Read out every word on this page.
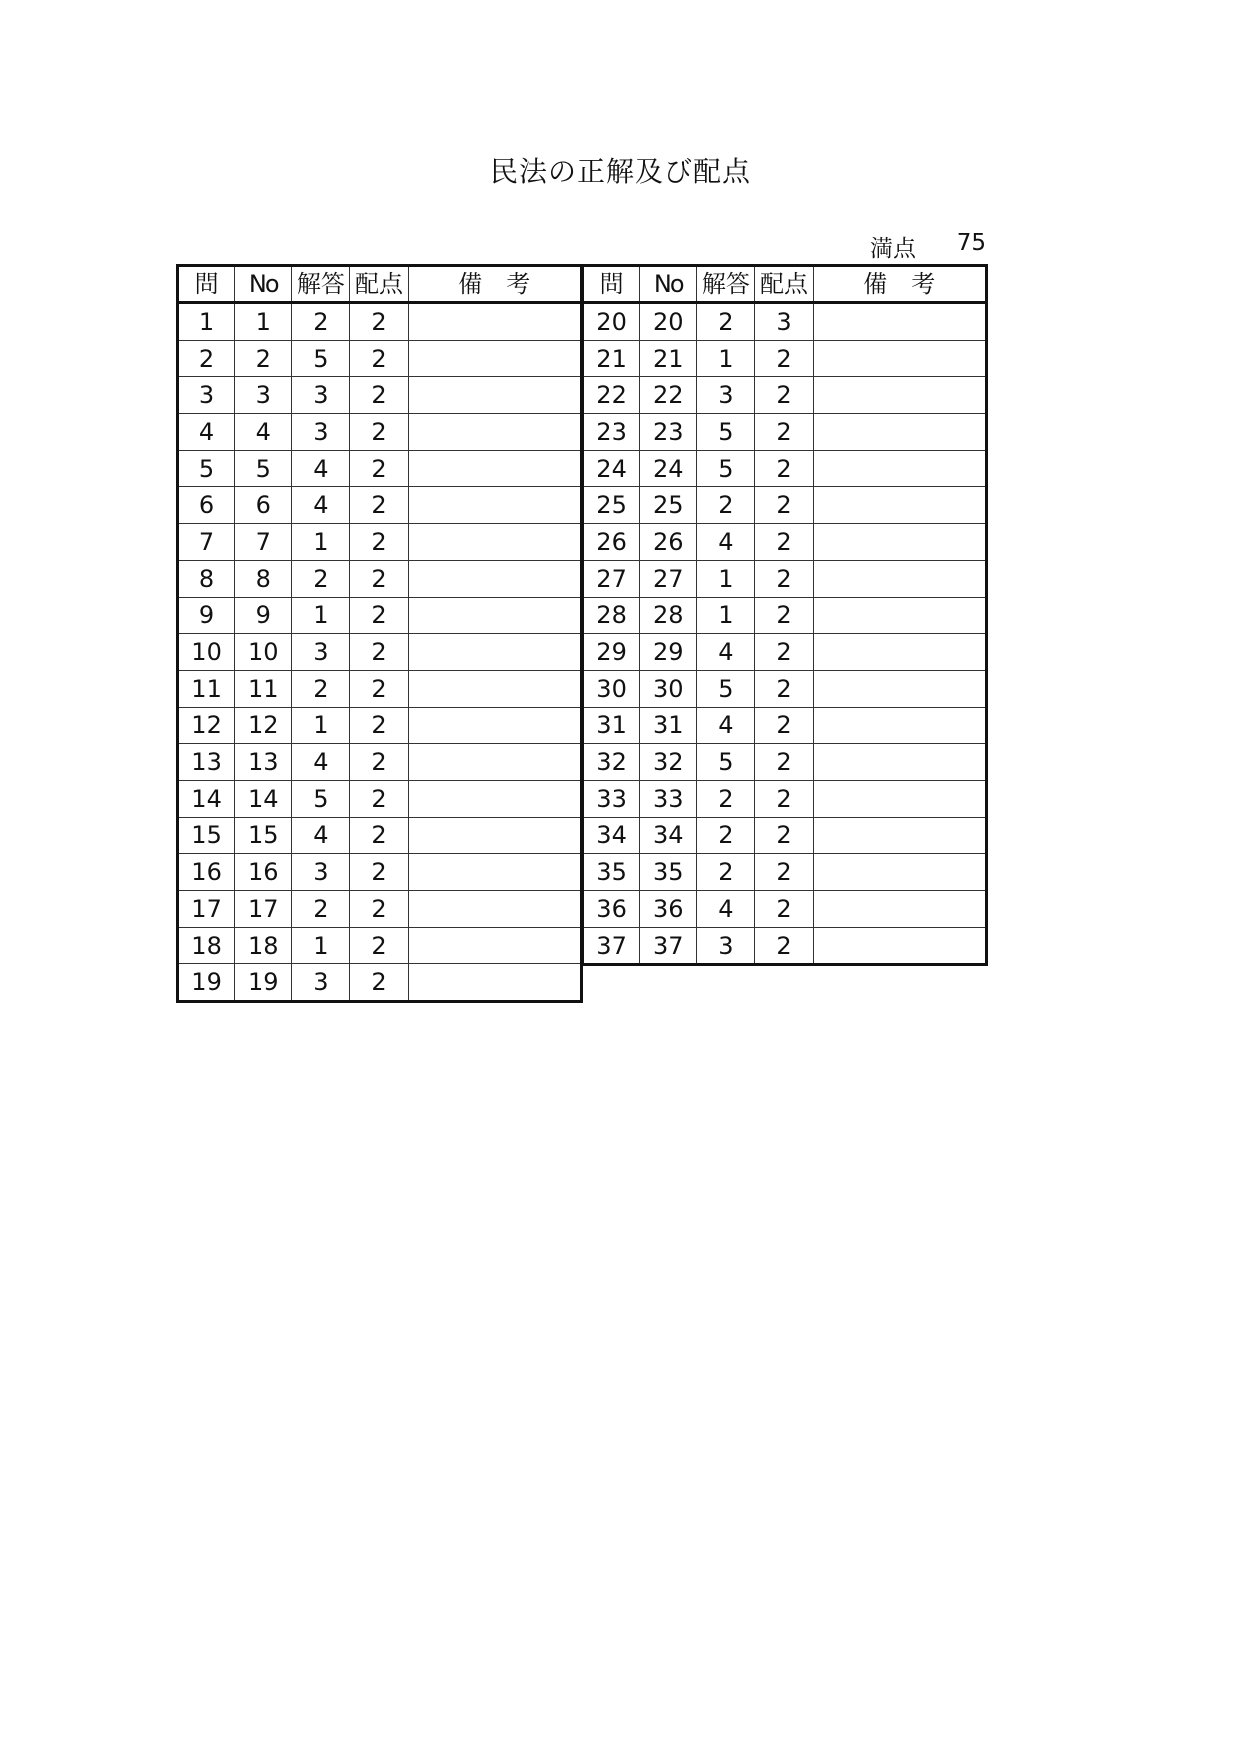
民法の正解及び配点
満点 75
問	No	解答	配点	備考
1	1	2	2	
2	2	5	2	
3	3	3	2	
4	4	3	2	
5	5	4	2	
6	6	4	2	
7	7	1	2	
8	8	2	2	
9	9	1	2	
10	10	3	2	
11	11	2	2	
12	12	1	2	
13	13	4	2	
14	14	5	2	
15	15	4	2	
16	16	3	2	
17	17	2	2	
18	18	1	2	
19	19	3	2	
問	No	解答	配点	備考
20	20	2	3	
21	21	1	2	
22	22	3	2	
23	23	5	2	
24	24	5	2	
25	25	2	2	
26	26	4	2	
27	27	1	2	
28	28	1	2	
29	29	4	2	
30	30	5	2	
31	31	4	2	
32	32	5	2	
33	33	2	2	
34	34	2	2	
35	35	2	2	
36	36	4	2	
37	37	3	2	
